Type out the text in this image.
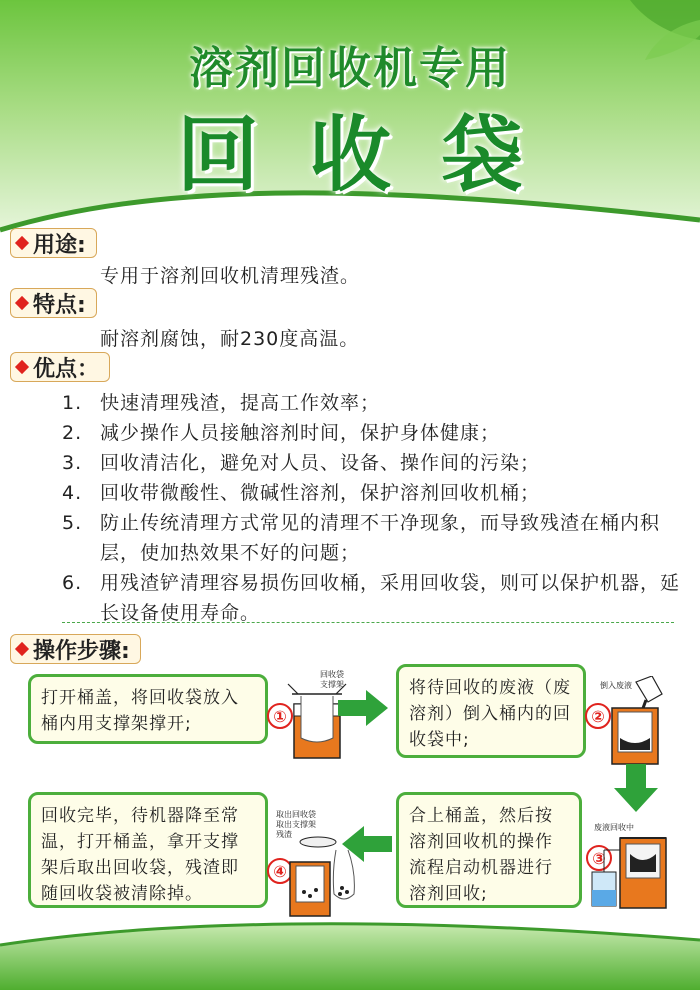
溶剂回收机专用
回收袋
用途:
专用于溶剂回收机清理残渣。
特点:
耐溶剂腐蚀，耐230度高温。
优点：
1. 快速清理残渣，提高工作效率；
2. 减少操作人员接触溶剂时间，保护身体健康；
3. 回收清洁化，避免对人员、设备、操作间的污染；
4. 回收带微酸性、微碱性溶剂，保护溶剂回收机桶；
5. 防止传统清理方式常见的清理不干净现象，而导致残渣在桶内积层，使加热效果不好的问题；
6. 用残渣铲清理容易损伤回收桶，采用回收袋，则可以保护机器，延长设备使用寿命。
操作步骤:
打开桶盖，将回收袋放入桶内用支撑架撑开;	①
回收袋
支撑架	将待回收的废液（废溶剂）倒入桶内的回收袋中;
②
倒入废液
合上桶盖，然后按溶剂回收机的操作流程启动机器进行溶剂回收;
③
废液回收中
回收完毕，待机器降至常温，打开桶盖，拿开支撑架后取出回收袋，残渣即随回收袋被清除掉。
④
取出回收袋
取出支撑架
残渣
